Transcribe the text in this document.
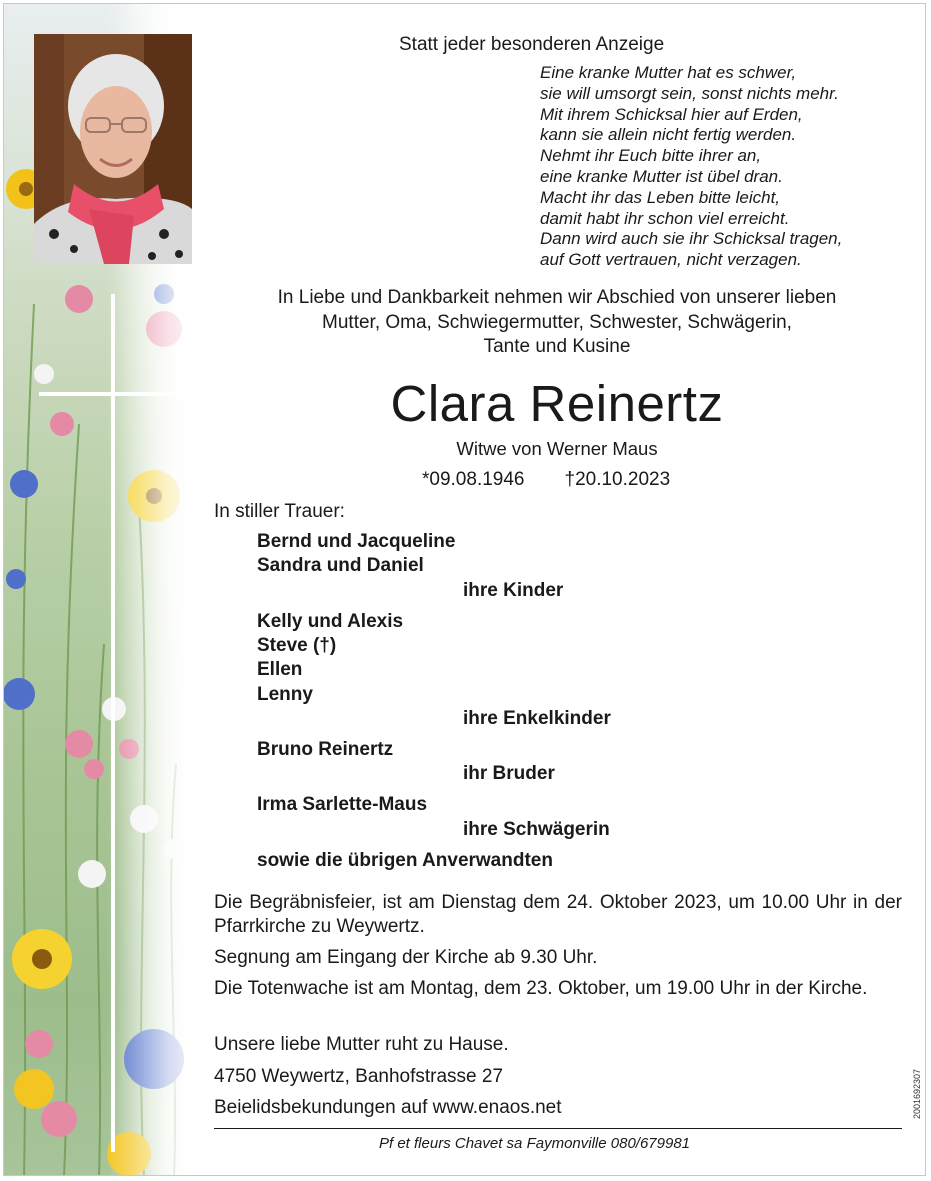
Statt jeder besonderen Anzeige
Eine kranke Mutter hat es schwer,
sie will umsorgt sein, sonst nichts mehr.
Mit ihrem Schicksal hier auf Erden,
kann sie allein nicht fertig werden.
Nehmt ihr Euch bitte ihrer an,
eine kranke Mutter ist übel dran.
Macht ihr das Leben bitte leicht,
damit habt ihr schon viel erreicht.
Dann wird auch sie ihr Schicksal tragen,
auf Gott vertrauen, nicht verzagen.
In Liebe und Dankbarkeit nehmen wir Abschied von unserer lieben
Mutter, Oma, Schwiegermutter, Schwester, Schwägerin,
Tante und Kusine
Clara Reinertz
Witwe von Werner Maus
*09.08.1946 †20.10.2023
In stiller Trauer:
Bernd und Jacqueline
Sandra und Daniel
ihre Kinder
Kelly und Alexis
Steve (†)
Ellen
Lenny
ihre Enkelkinder
Bruno Reinertz
ihr Bruder
Irma Sarlette-Maus
ihre Schwägerin
sowie die übrigen Anverwandten
Die Begräbnisfeier, ist am Dienstag dem 24. Oktober 2023, um 10.00 Uhr in der Pfarrkirche zu Weywertz.
Segnung am Eingang der Kirche ab 9.30 Uhr.
Die Totenwache ist am Montag, dem 23. Oktober, um 19.00 Uhr in der Kirche.
Unsere liebe Mutter ruht zu Hause.
4750 Weywertz, Banhofstrasse 27
Beielidsbekundungen auf www.enaos.net
Pf et fleurs Chavet sa Faymonville 080/679981
2001692307
